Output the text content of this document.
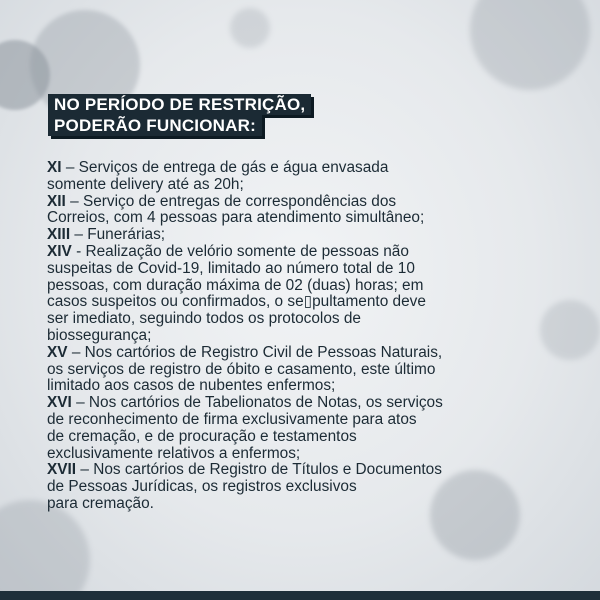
NO PERÍODO DE RESTRIÇÃO,
PODERÃO FUNCIONAR:

XI – Serviços de entrega de gás e água envasada

somente delivery até as 20h;

XII – Serviço de entregas de correspondências dos

Correios, com 4 pessoas para atendimento simultâneo;

XIII – Funerárias;

XIV - Realização de velório somente de pessoas não

suspeitas de Covid-19, limitado ao número total de 10

pessoas, com duração máxima de 02 (duas) horas; em

casos suspeitos ou confirmados, o se▯pultamento deve

ser imediato, seguindo todos os protocolos de

biossegurança;

XV – Nos cartórios de Registro Civil de Pessoas Naturais,

os serviços de registro de óbito e casamento, este último

limitado aos casos de nubentes enfermos;

XVI – Nos cartórios de Tabelionatos de Notas, os serviços

de reconhecimento de firma exclusivamente para atos

de cremação, e de procuração e testamentos

exclusivamente relativos a enfermos;

XVII – Nos cartórios de Registro de Títulos e Documentos

de Pessoas Jurídicas, os registros exclusivos

para cremação.
